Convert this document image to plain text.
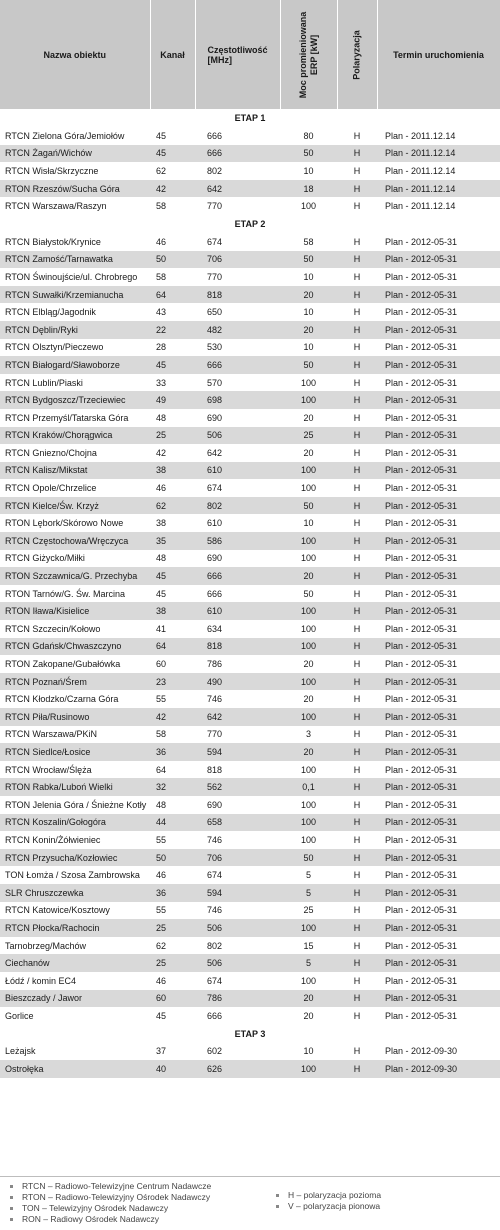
Nazwa obiektu	Kanał	Częstotliwość
[MHz]	Moc promieniowana
ERP [kW]	Polaryzacja	Termin uruchomienia
ETAP 1					
RTCN Zielona Góra/Jemiołów	45	666	80	H	Plan - 2011.12.14
RTCN Żagań/Wichów	45	666	50	H	Plan - 2011.12.14
RTCN Wisła/Skrzyczne	62	802	10	H	Plan - 2011.12.14
RTON Rzeszów/Sucha Góra	42	642	18	H	Plan - 2011.12.14
RTCN Warszawa/Raszyn	58	770	100	H	Plan - 2011.12.14
ETAP 2					
RTCN Białystok/Krynice	46	674	58	H	Plan - 2012-05-31
RTCN Zamość/Tarnawatka	50	706	50	H	Plan - 2012-05-31
RTON Świnoujście/ul. Chrobrego	58	770	10	H	Plan - 2012-05-31
RTCN Suwałki/Krzemianucha	64	818	20	H	Plan - 2012-05-31
RTCN Elbląg/Jagodnik	43	650	10	H	Plan - 2012-05-31
RTCN Dęblin/Ryki	22	482	20	H	Plan - 2012-05-31
RTCN Olsztyn/Pieczewo	28	530	10	H	Plan - 2012-05-31
RTCN Białogard/Sławoborze	45	666	50	H	Plan - 2012-05-31
RTCN Lublin/Piaski	33	570	100	H	Plan - 2012-05-31
RTCN Bydgoszcz/Trzeciewiec	49	698	100	H	Plan - 2012-05-31
RTCN Przemyśl/Tatarska Góra	48	690	20	H	Plan - 2012-05-31
RTCN Kraków/Chorągwica	25	506	25	H	Plan - 2012-05-31
RTCN Gniezno/Chojna	42	642	20	H	Plan - 2012-05-31
RTCN Kalisz/Mikstat	38	610	100	H	Plan - 2012-05-31
RTCN Opole/Chrzelice	46	674	100	H	Plan - 2012-05-31
RTCN Kielce/Św. Krzyż	62	802	50	H	Plan - 2012-05-31
RTON Lębork/Skórowo Nowe	38	610	10	H	Plan - 2012-05-31
RTCN Częstochowa/Wręczyca	35	586	100	H	Plan - 2012-05-31
RTCN Giżycko/Miłki	48	690	100	H	Plan - 2012-05-31
RTON Szczawnica/G. Przechyba	45	666	20	H	Plan - 2012-05-31
RTON Tarnów/G. Św. Marcina	45	666	50	H	Plan - 2012-05-31
RTON Iława/Kisielice	38	610	100	H	Plan - 2012-05-31
RTCN Szczecin/Kołowo	41	634	100	H	Plan - 2012-05-31
RTCN Gdańsk/Chwaszczyno	64	818	100	H	Plan - 2012-05-31
RTON Zakopane/Gubałówka	60	786	20	H	Plan - 2012-05-31
RTCN Poznań/Śrem	23	490	100	H	Plan - 2012-05-31
RTCN Kłodzko/Czarna Góra	55	746	20	H	Plan - 2012-05-31
RTCN Piła/Rusinowo	42	642	100	H	Plan - 2012-05-31
RTCN Warszawa/PKiN	58	770	3	H	Plan - 2012-05-31
RTCN Siedlce/Łosice	36	594	20	H	Plan - 2012-05-31
RTCN Wrocław/Ślęża	64	818	100	H	Plan - 2012-05-31
RTON Rabka/Luboń Wielki	32	562	0,1	H	Plan - 2012-05-31
RTON Jelenia Góra / Śnieżne Kotły	48	690	100	H	Plan - 2012-05-31
RTCN Koszalin/Gołogóra	44	658	100	H	Plan - 2012-05-31
RTCN Konin/Żółwieniec	55	746	100	H	Plan - 2012-05-31
RTCN Przysucha/Kozłowiec	50	706	50	H	Plan - 2012-05-31
TON Łomża / Szosa Zambrowska	46	674	5	H	Plan - 2012-05-31
SLR Chruszczewka	36	594	5	H	Plan - 2012-05-31
RTCN Katowice/Kosztowy	55	746	25	H	Plan - 2012-05-31
RTCN Płocka/Rachocin	25	506	100	H	Plan - 2012-05-31
Tarnobrzeg/Machów	62	802	15	H	Plan - 2012-05-31
Ciechanów	25	506	5	H	Plan - 2012-05-31
Łódź / komin EC4	46	674	100	H	Plan - 2012-05-31
Bieszczady / Jawor	60	786	20	H	Plan - 2012-05-31
Gorlice	45	666	20	H	Plan - 2012-05-31
ETAP 3					
Leżajsk	37	602	10	H	Plan - 2012-09-30
Ostrołęka	40	626	100	H	Plan - 2012-09-30
RTCN – Radiowo-Telewizyjne Centrum Nadawcze
RTON – Radiowo-Telewizyjny Ośrodek Nadawczy
TON – Telewizyjny Ośrodek Nadawczy
RON – Radiowy Ośrodek Nadawczy
H – polaryzacja pozioma
V – polaryzacja pionowa
